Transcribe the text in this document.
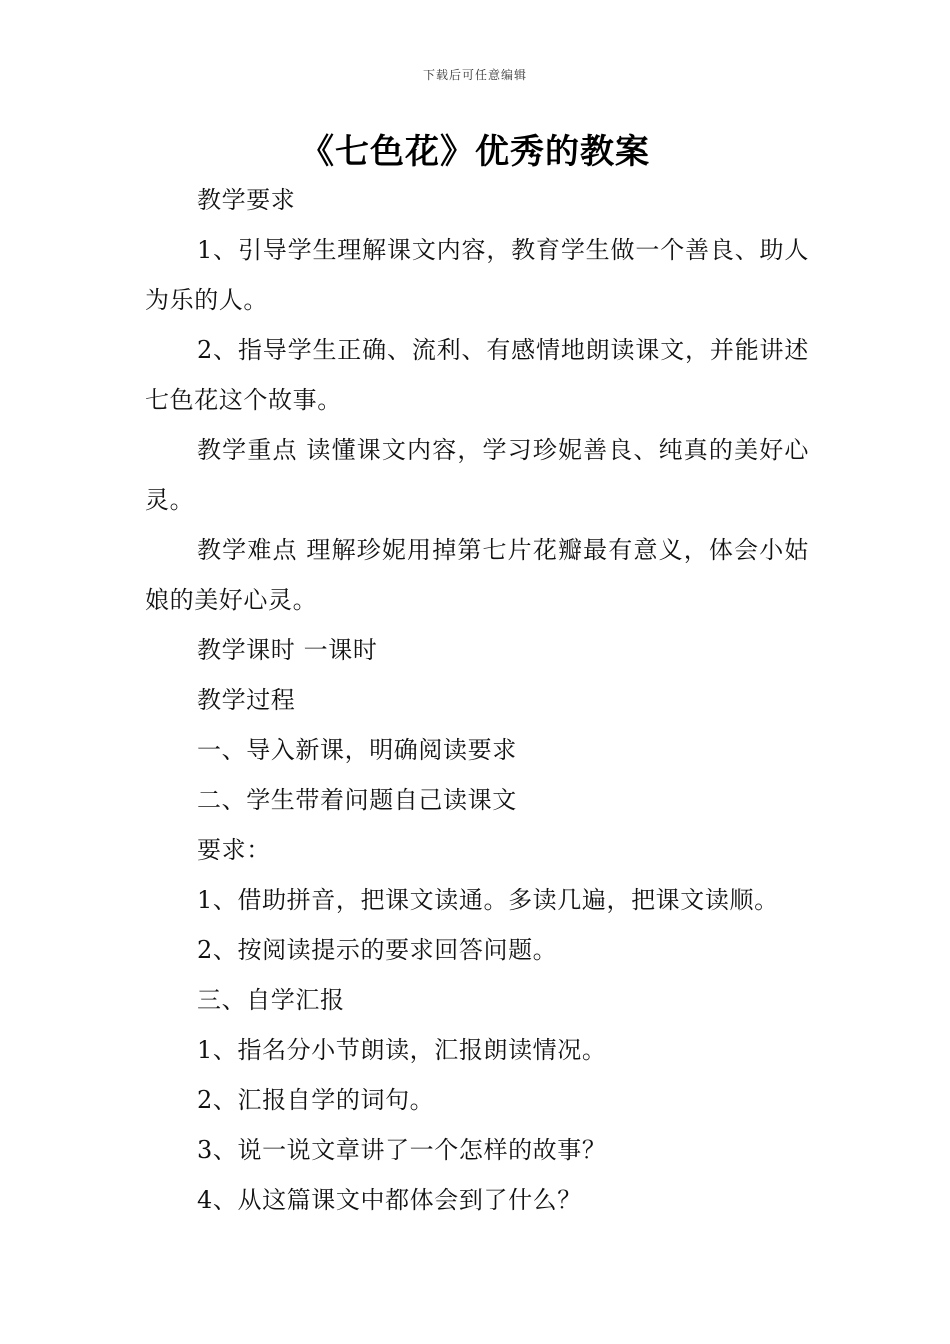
下载后可任意编辑
《七色花》优秀的教案

教学要求

1、引导学生理解课文内容，教育学生做一个善良、助人为乐的人。

2、指导学生正确、流利、有感情地朗读课文，并能讲述七色花这个故事。

教学重点 读懂课文内容，学习珍妮善良、纯真的美好心灵。

教学难点 理解珍妮用掉第七片花瓣最有意义，体会小姑娘的美好心灵。

教学课时 一课时

教学过程

一、导入新课，明确阅读要求

二、学生带着问题自己读课文

要求：

1、借助拼音，把课文读通。多读几遍，把课文读顺。

2、按阅读提示的要求回答问题。

三、自学汇报

1、指名分小节朗读，汇报朗读情况。

2、汇报自学的词句。

3、说一说文章讲了一个怎样的故事？

4、从这篇课文中都体会到了什么？
